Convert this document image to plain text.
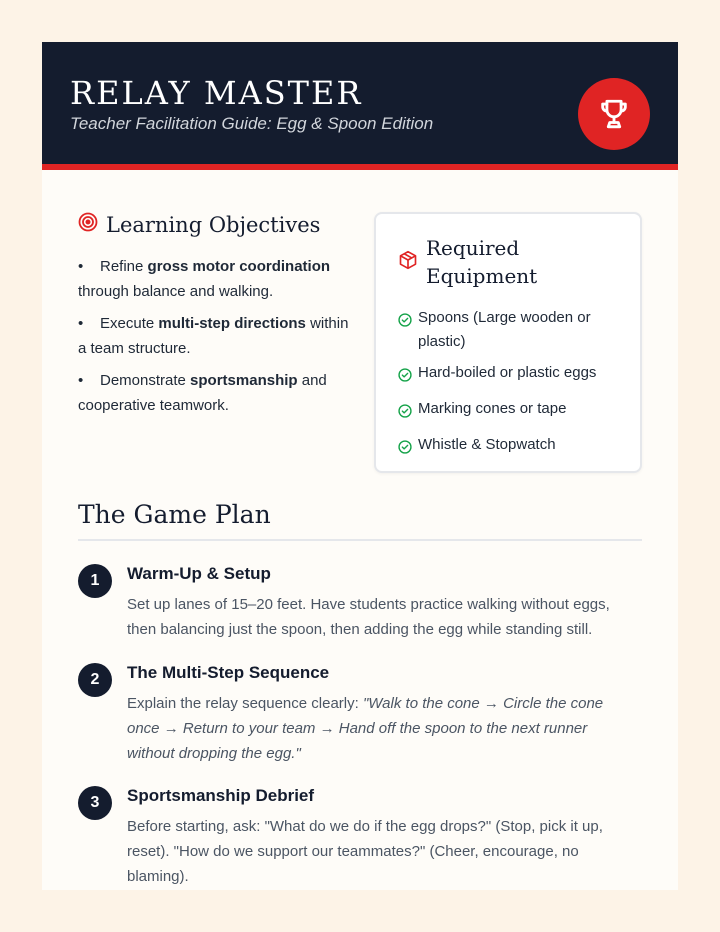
RELAY MASTER
Teacher Facilitation Guide: Egg & Spoon Edition
Learning Objectives
• Refine gross motor coordination through balance and walking.
• Execute multi-step directions within a team structure.
• Demonstrate sportsmanship and cooperative teamwork.
Required Equipment
Spoons (Large wooden or plastic)
Hard-boiled or plastic eggs
Marking cones or tape
Whistle & Stopwatch
The Game Plan
1	Warm-Up & Setup

Set up lanes of 15–20 feet. Have students practice walking without eggs, then balancing just the spoon, then adding the egg while standing still.

2	The Multi-Step Sequence

Explain the relay sequence clearly: "Walk to the cone → Circle the cone once → Return to your team → Hand off the spoon to the next runner without dropping the egg."

3	Sportsmanship Debrief

Before starting, ask: "What do we do if the egg drops?" (Stop, pick it up, reset). "How do we support our teammates?" (Cheer, encourage, no blaming).
